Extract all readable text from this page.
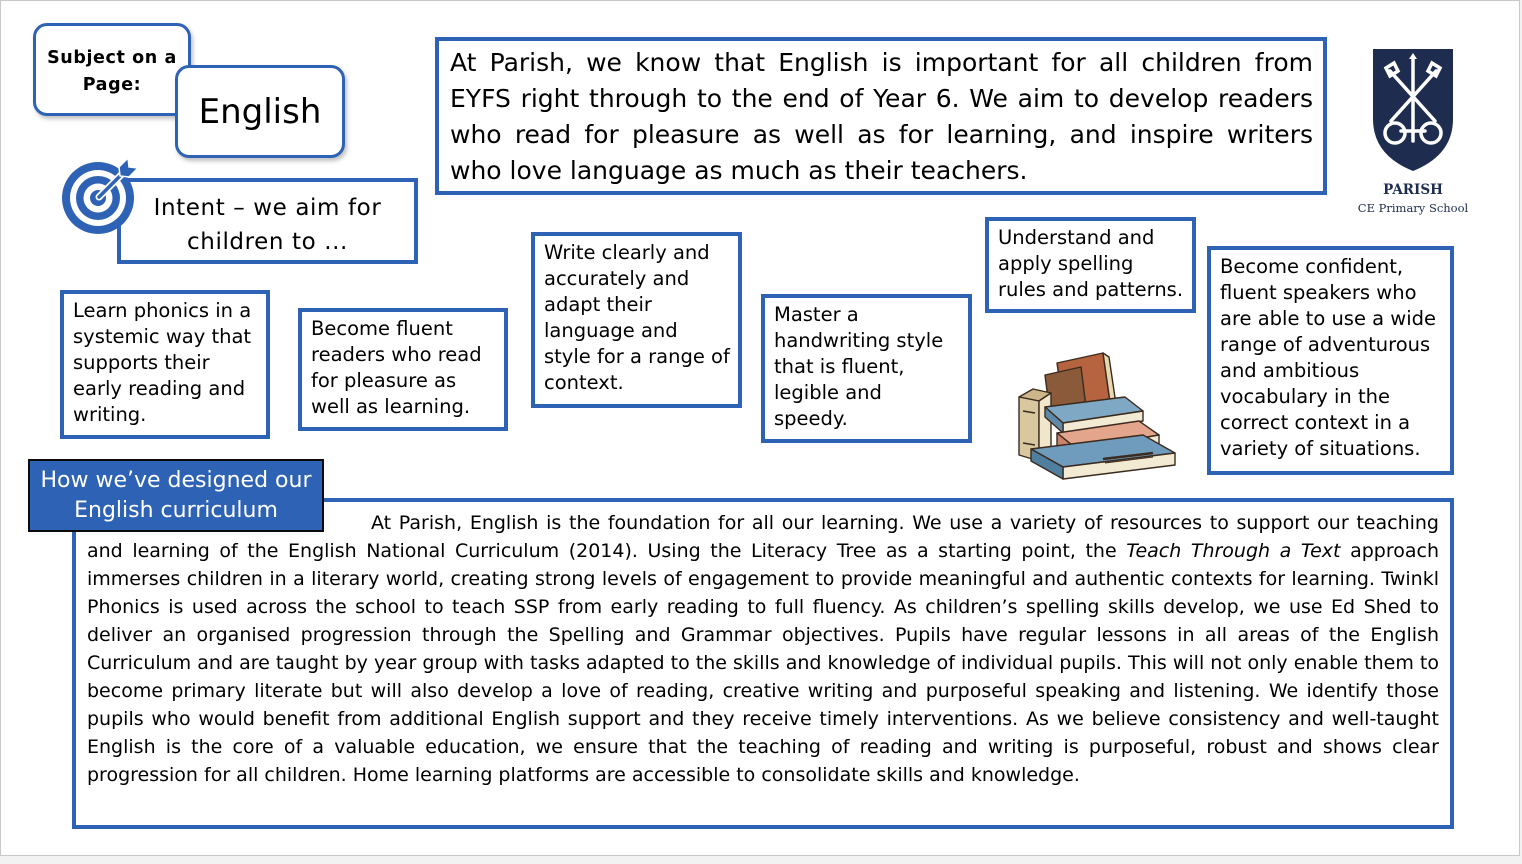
Subject on a Page:
English
Intent – we aim for children to ...
At Parish, we know that English is important for all children from EYFS right through to the end of Year 6. We aim to develop readers who read for pleasure as well as for learning, and inspire writers who love language as much as their teachers.
PARISH
CE Primary School
Learn phonics in a systemic way that supports their early reading and writing.
Become fluent readers who read for pleasure as well as learning.
Write clearly and accurately and adapt their language and style for a range of context.
Master a handwriting style that is fluent, legible and speedy.
Understand and apply spelling rules and patterns.
Become confident, fluent speakers who are able to use a wide range of adventurous and ambitious vocabulary in the correct context in a variety of situations.
At Parish, English is the foundation for all our learning. We use a variety of resources to support our teaching and learning of the English National Curriculum (2014). Using the Literacy Tree as a starting point, the Teach Through a Text approach immerses children in a literary world, creating strong levels of engagement to provide meaningful and authentic contexts for learning. Twinkl Phonics is used across the school to teach SSP from early reading to full fluency. As children’s spelling skills develop, we use Ed Shed to deliver an organised progression through the Spelling and Grammar objectives. Pupils have regular lessons in all areas of the English Curriculum and are taught by year group with tasks adapted to the skills and knowledge of individual pupils. This will not only enable them to become primary literate but will also develop a love of reading, creative writing and purposeful speaking and listening. We identify those pupils who would benefit from additional English support and they receive timely interventions. As we believe consistency and well-taught English is the core of a valuable education, we ensure that the teaching of reading and writing is purposeful, robust and shows clear progression for all children. Home learning platforms are accessible to consolidate skills and knowledge.
How we’ve designed our English curriculum
